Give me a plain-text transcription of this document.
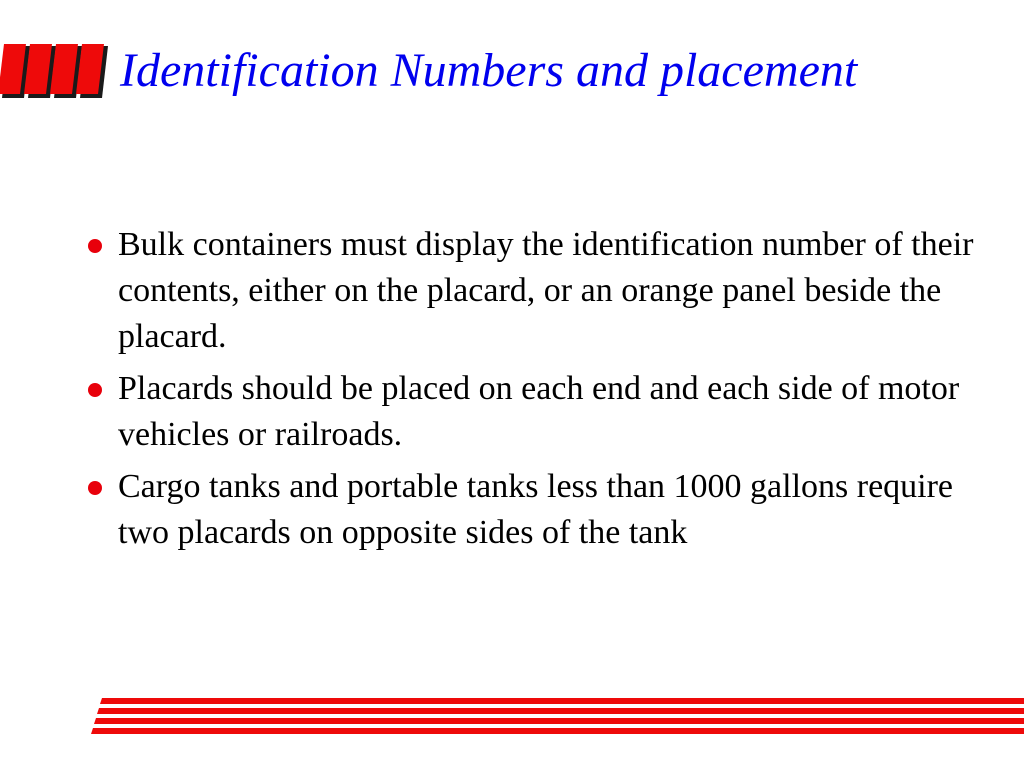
Identification Numbers and placement
Bulk containers must display the identification number of their contents, either on the placard, or an orange panel beside the placard.
Placards should be placed on each end and each side of motor vehicles or railroads.
Cargo tanks and portable tanks less than 1000 gallons require two placards on opposite sides of the tank
